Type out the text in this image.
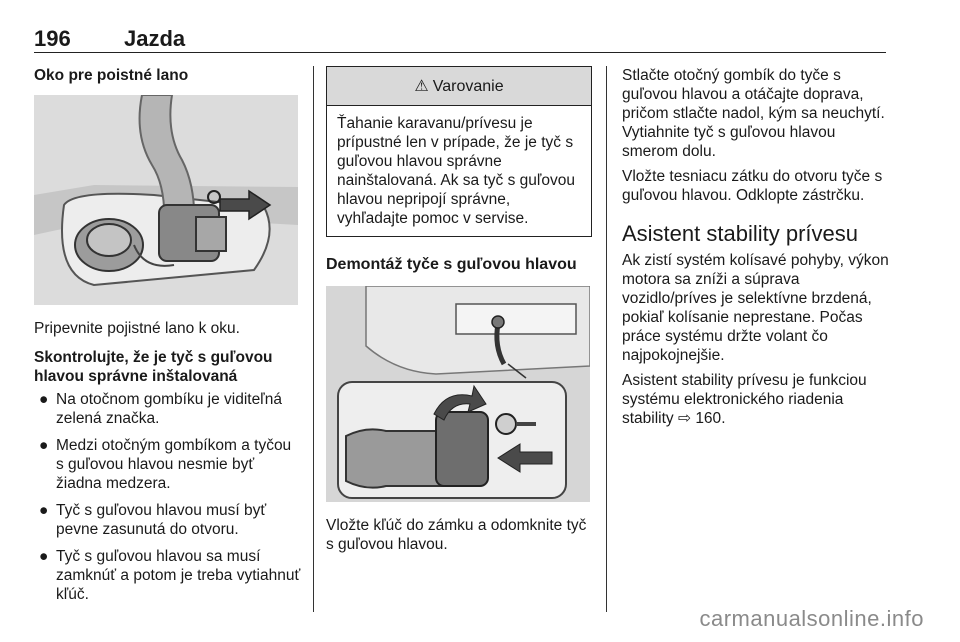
196 Jazda

Oko pre poistné lano

Pripevnite pojistné lano k oku.

Skontrolujte, že je tyč s guľovou hlavou správne inštalovaná

● Na otočnom gombíku je viditeľná zelená značka.
● Medzi otočným gombíkom a tyčou s guľovou hlavou nesmie byť žiadna medzera.
● Tyč s guľovou hlavou musí byť pevne zasunutá do otvoru.
● Tyč s guľovou hlavou sa musí zamknúť a potom je treba vytiahnuť kľúč.
⚠ Varovanie
Ťahanie karavanu/prívesu je prípustné len v prípade, že je tyč s guľovou hlavou správne nainštalovaná. Ak sa tyč s guľovou hlavou nepripojí správne, vyhľadajte pomoc v servise.

Demontáž tyče s guľovou hlavou

Vložte kľúč do zámku a odomknite tyč s guľovou hlavou.

Stlačte otočný gombík do tyče s guľovou hlavou a otáčajte doprava, pričom stlačte nadol, kým sa neuchytí. Vytiahnite tyč s guľovou hlavou smerom dolu.

Vložte tesniacu zátku do otvoru tyče s guľovou hlavou. Odklopte zástrčku.

Asistent stability prívesu

Ak zistí systém kolísavé pohyby, výkon motora sa zníži a súprava vozidlo/príves je selektívne brzdená, pokiaľ kolísanie neprestane. Počas práce systému držte volant čo najpokojnejšie.

Asistent stability prívesu je funkciou systému elektronického riadenia stability ⇨ 160.

carmanualsonline.info
